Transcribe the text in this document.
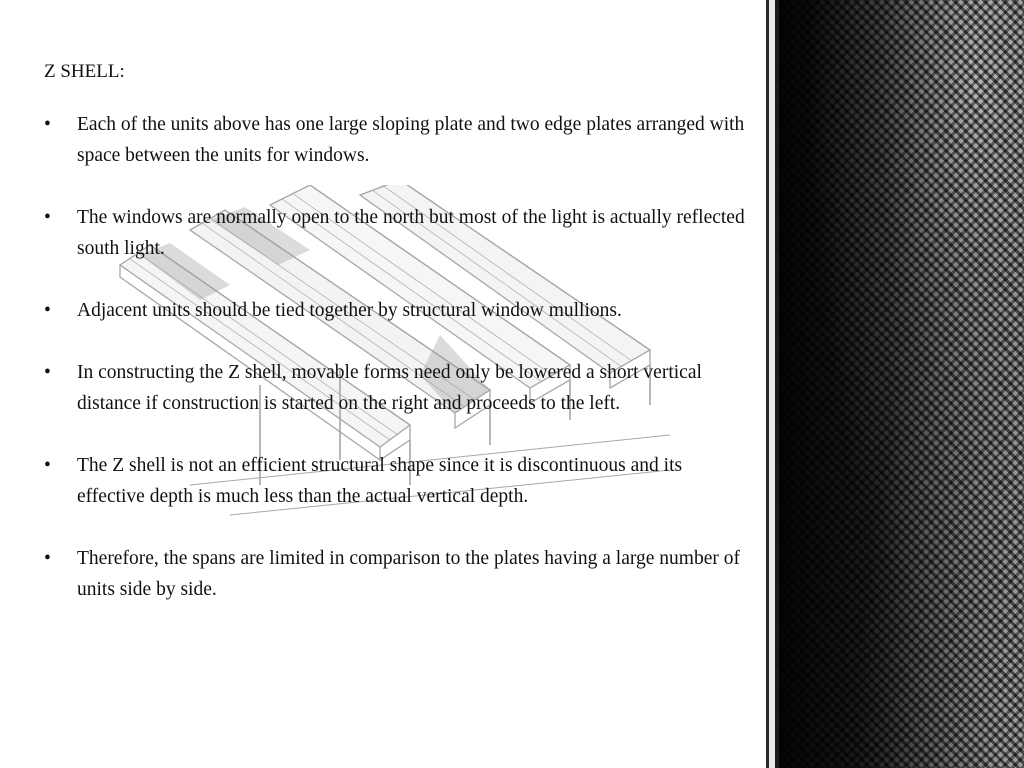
Z SHELL:
•	Each of the units above has one large sloping plate and two edge plates arranged with space between the units for windows.
•	The windows are normally open to the north but most of the light is actually reflected south light.
•	Adjacent units should be tied together by structural window mullions.
•	In constructing the Z shell, movable forms need only be lowered a short vertical distance if construction is started on the right and proceeds to the left.
•	The Z shell is not an efficient structural shape since it is discontinuous and its effective depth is much less than the actual vertical depth.
•	Therefore, the spans are limited in comparison to the plates having a large number of units side by side.
